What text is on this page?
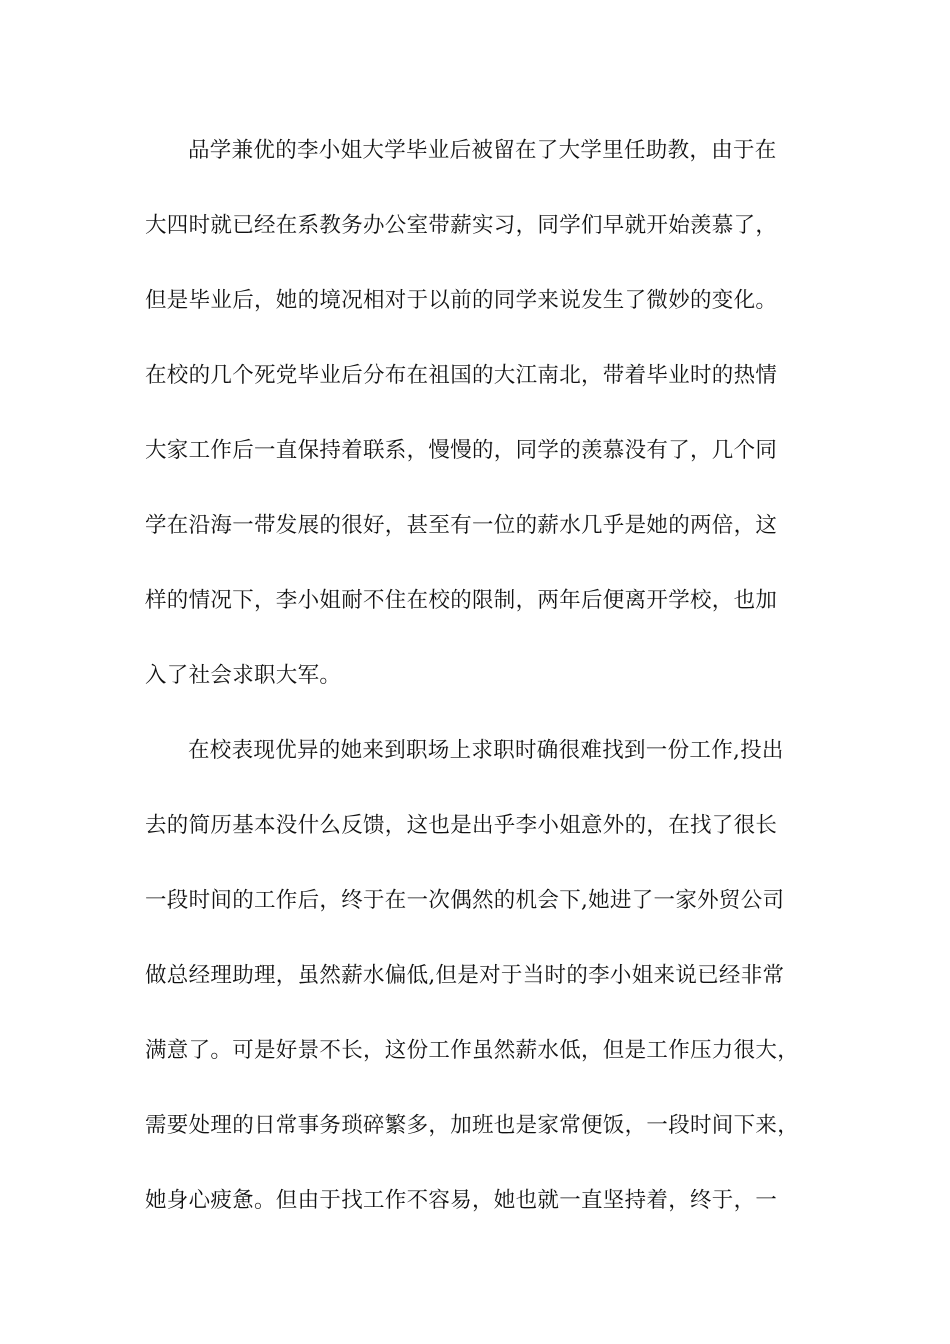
品学兼优的李小姐大学毕业后被留在了大学里任助教，由于在
大四时就已经在系教务办公室带薪实习，同学们早就开始羡慕了，
但是毕业后，她的境况相对于以前的同学来说发生了微妙的变化。
在校的几个死党毕业后分布在祖国的大江南北，带着毕业时的热情
大家工作后一直保持着联系，慢慢的，同学的羡慕没有了，几个同
学在沿海一带发展的很好，甚至有一位的薪水几乎是她的两倍，这
样的情况下，李小姐耐不住在校的限制，两年后便离开学校，也加
入了社会求职大军。
在校表现优异的她来到职场上求职时确很难找到一份工作,投出
去的简历基本没什么反馈，这也是出乎李小姐意外的，在找了很长
一段时间的工作后，终于在一次偶然的机会下,她进了一家外贸公司
做总经理助理，虽然薪水偏低,但是对于当时的李小姐来说已经非常
满意了。可是好景不长，这份工作虽然薪水低，但是工作压力很大，
需要处理的日常事务琐碎繁多，加班也是家常便饭，一段时间下来，
她身心疲惫。但由于找工作不容易，她也就一直坚持着，终于，一
